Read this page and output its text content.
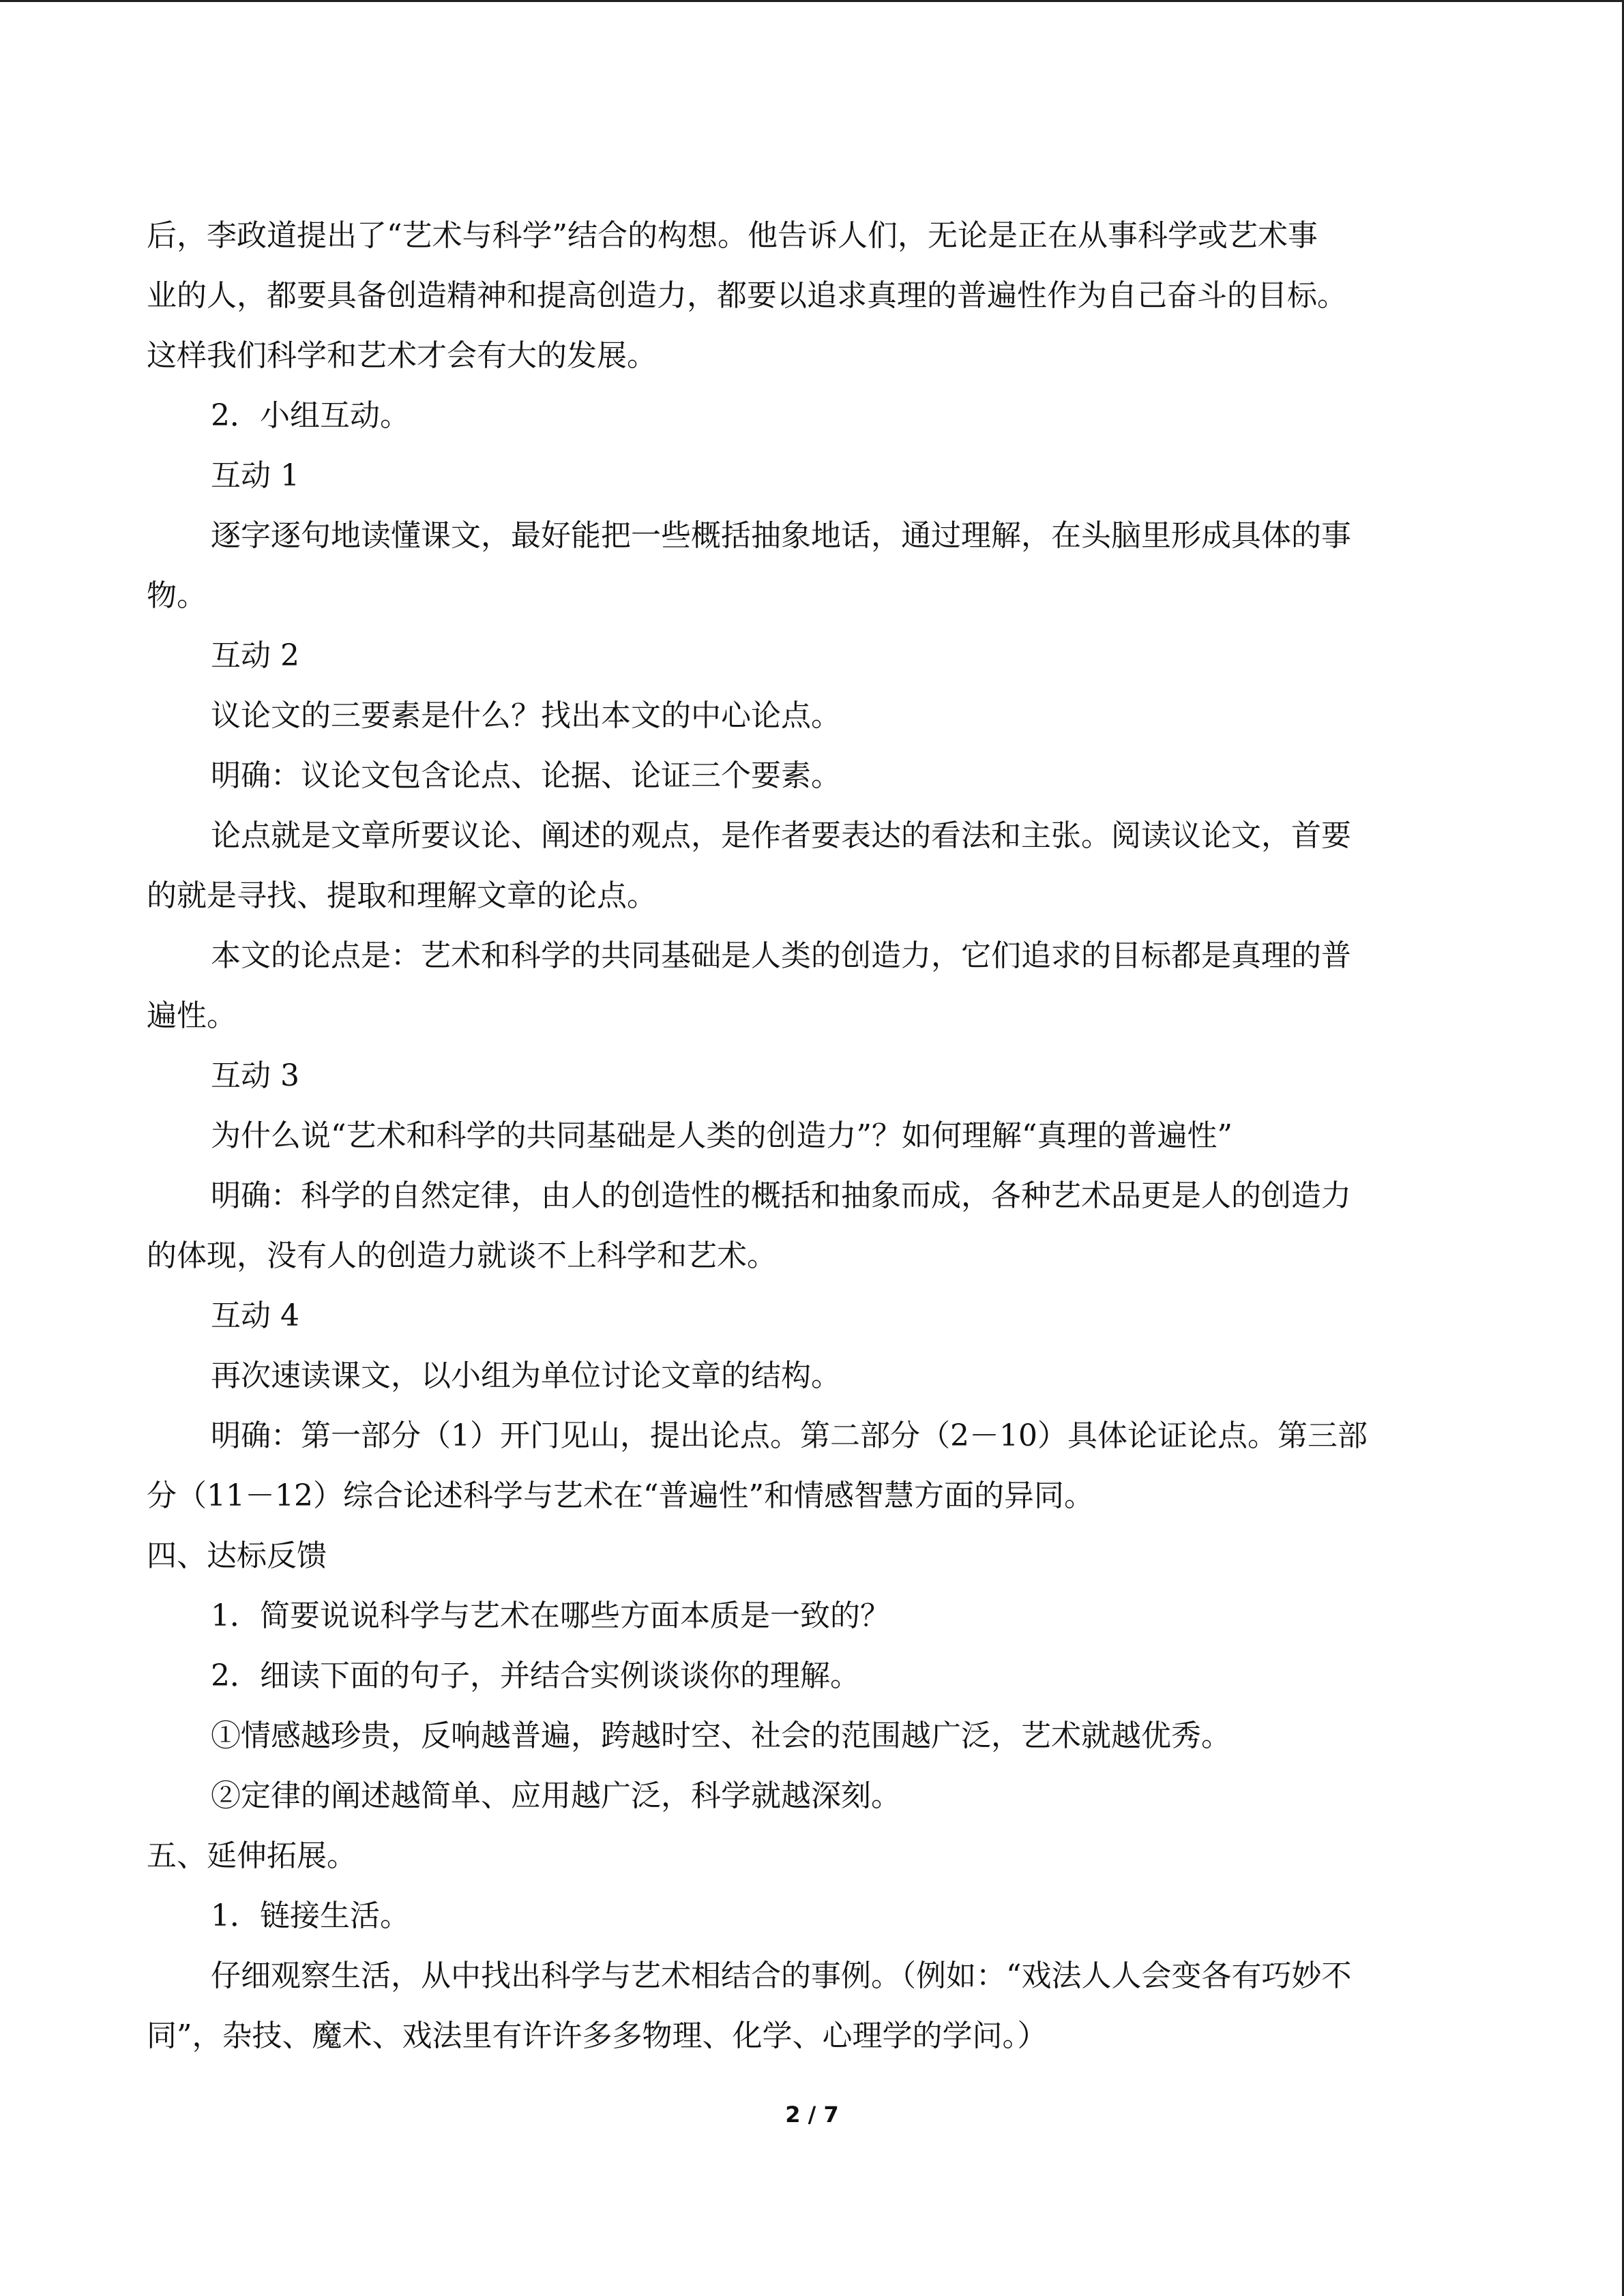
后，李政道提出了“艺术与科学”结合的构想。他告诉人们，无论是正在从事科学或艺术事
业的人，都要具备创造精神和提高创造力，都要以追求真理的普遍性作为自己奋斗的目标。
这样我们科学和艺术才会有大的发展。
2．小组互动。
互动 1
逐字逐句地读懂课文，最好能把一些概括抽象地话，通过理解，在头脑里形成具体的事
物。
互动 2
议论文的三要素是什么？找出本文的中心论点。
明确：议论文包含论点、论据、论证三个要素。
论点就是文章所要议论、阐述的观点，是作者要表达的看法和主张。阅读议论文，首要
的就是寻找、提取和理解文章的论点。
本文的论点是：艺术和科学的共同基础是人类的创造力，它们追求的目标都是真理的普
遍性。
互动 3
为什么说“艺术和科学的共同基础是人类的创造力”？如何理解“真理的普遍性”
明确：科学的自然定律，由人的创造性的概括和抽象而成，各种艺术品更是人的创造力
的体现，没有人的创造力就谈不上科学和艺术。
互动 4
再次速读课文，以小组为单位讨论文章的结构。
明确：第一部分（1）开门见山，提出论点。第二部分（2－10）具体论证论点。第三部
分（11－12）综合论述科学与艺术在“普遍性”和情感智慧方面的异同。
四、达标反馈
1．简要说说科学与艺术在哪些方面本质是一致的？
2．细读下面的句子，并结合实例谈谈你的理解。
①情感越珍贵，反响越普遍，跨越时空、社会的范围越广泛，艺术就越优秀。
②定律的阐述越简单、应用越广泛，科学就越深刻。
五、延伸拓展。
1．链接生活。
仔细观察生活，从中找出科学与艺术相结合的事例。（例如：“戏法人人会变各有巧妙不
同”，杂技、魔术、戏法里有许许多多物理、化学、心理学的学问。）
2 / 7
